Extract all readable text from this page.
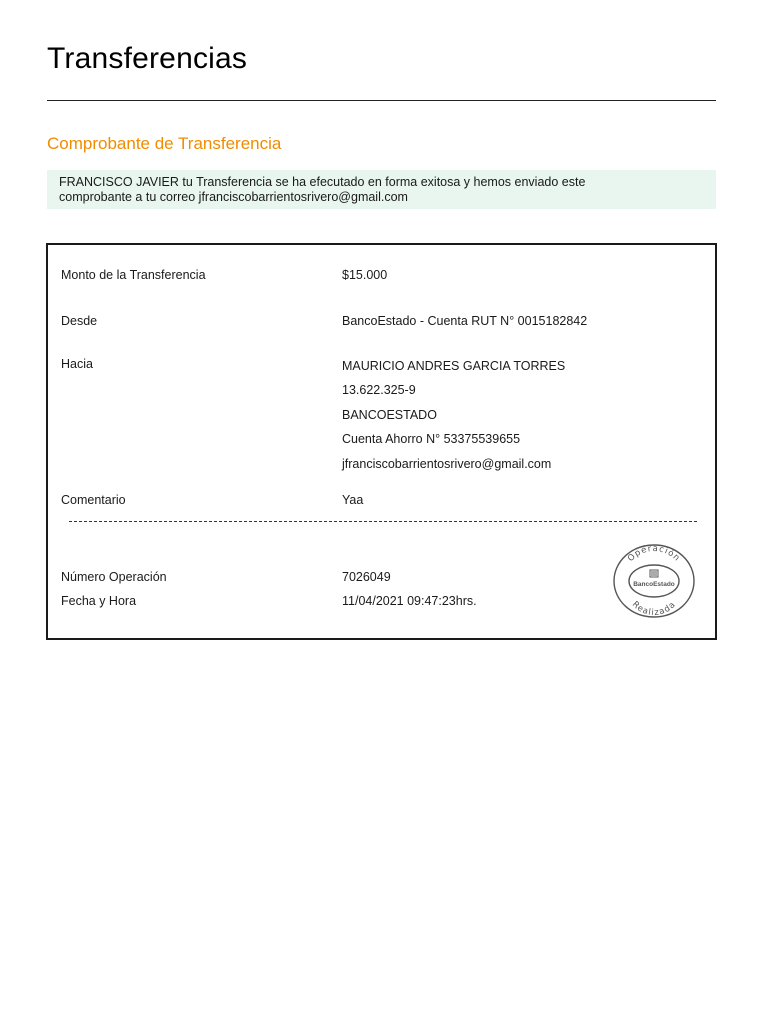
Transferencias
Comprobante de Transferencia

FRANCISCO JAVIER tu Transferencia se ha efecutado en forma exitosa y hemos enviado este

comprobante a tu correo jfranciscobarrientosrivero@gmail.com

Monto de la Transferencia	$15.000
Desde	BancoEstado - Cuenta RUT N° 0015182842
Hacia	MAURICIO ANDRES GARCIA TORRES
13.622.325-9
BANCOESTADO
Cuenta Ahorro N° 53375539655
jfranciscobarrientosrivero@gmail.com
Comentario	Yaa
Número Operación	7026049
Fecha y Hora	11/04/2021 09:47:23hrs.
Operación
Realizada
BancoEstado
